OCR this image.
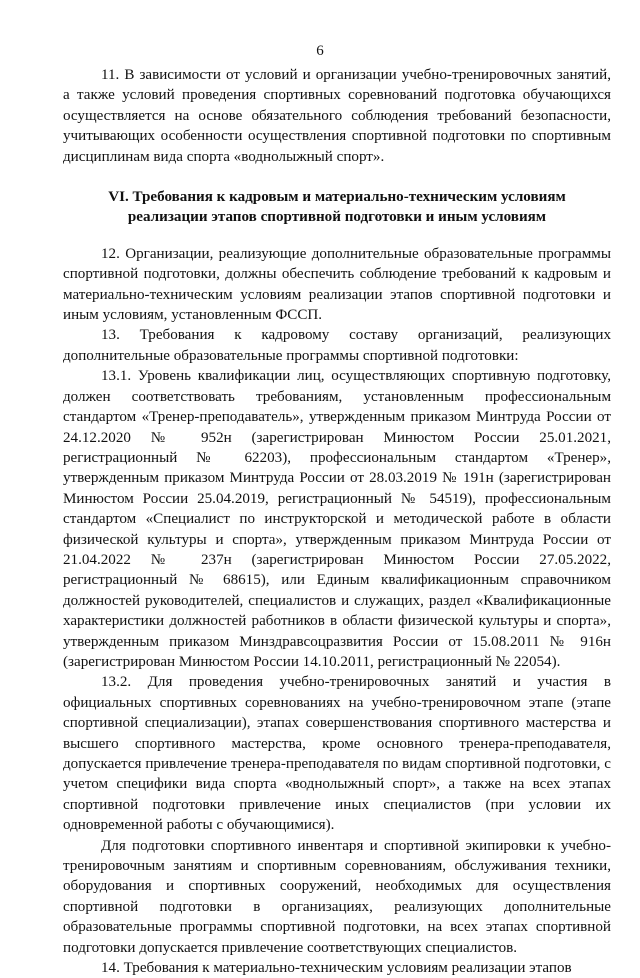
6

11. В зависимости от условий и организации учебно-тренировочных занятий, а также условий проведения спортивных соревнований подготовка обучающихся осуществляется на основе обязательного соблюдения требований безопасности, учитывающих особенности осуществления спортивной подготовки по спортивным дисциплинам вида спорта «воднолыжный спорт».

VI. Требования к кадровым и материально-техническим условиям

реализации этапов спортивной подготовки и иным условиям

12. Организации, реализующие дополнительные образовательные программы спортивной подготовки, должны обеспечить соблюдение требований к кадровым и материально-техническим условиям реализации этапов спортивной подготовки и иным условиям, установленным ФССП.

13. Требования к кадровому составу организаций, реализующих дополнительные образовательные программы спортивной подготовки:

13.1. Уровень квалификации лиц, осуществляющих спортивную подготовку, должен соответствовать требованиям, установленным профессиональным стандартом «Тренер-преподаватель», утвержденным приказом Минтруда России от 24.12.2020 № 952н (зарегистрирован Минюстом России 25.01.2021, регистрационный № 62203), профессиональным стандартом «Тренер», утвержденным приказом Минтруда России от 28.03.2019 № 191н (зарегистрирован Минюстом России 25.04.2019, регистрационный № 54519), профессиональным стандартом «Специалист по инструкторской и методической работе в области физической культуры и спорта», утвержденным приказом Минтруда России от 21.04.2022 № 237н (зарегистрирован Минюстом России 27.05.2022, регистрационный № 68615), или Единым квалификационным справочником должностей руководителей, специалистов и служащих, раздел «Квалификационные характеристики должностей работников в области физической культуры и спорта», утвержденным приказом Минздравсоцразвития России от 15.08.2011 № 916н (зарегистрирован Минюстом России 14.10.2011, регистрационный № 22054).

13.2. Для проведения учебно-тренировочных занятий и участия в официальных спортивных соревнованиях на учебно-тренировочном этапе (этапе спортивной специализации), этапах совершенствования спортивного мастерства и высшего спортивного мастерства, кроме основного тренера-преподавателя, допускается привлечение тренера-преподавателя по видам спортивной подготовки, с учетом специфики вида спорта «воднолыжный спорт», а также на всех этапах спортивной подготовки привлечение иных специалистов (при условии их одновременной работы с обучающимися).

Для подготовки спортивного инвентаря и спортивной экипировки к учебно-тренировочным занятиям и спортивным соревнованиям, обслуживания техники, оборудования и спортивных сооружений, необходимых для осуществления спортивной подготовки в организациях, реализующих дополнительные образовательные программы спортивной подготовки, на всех этапах спортивной подготовки допускается привлечение соответствующих специалистов.

14. Требования к материально-техническим условиям реализации этапов
